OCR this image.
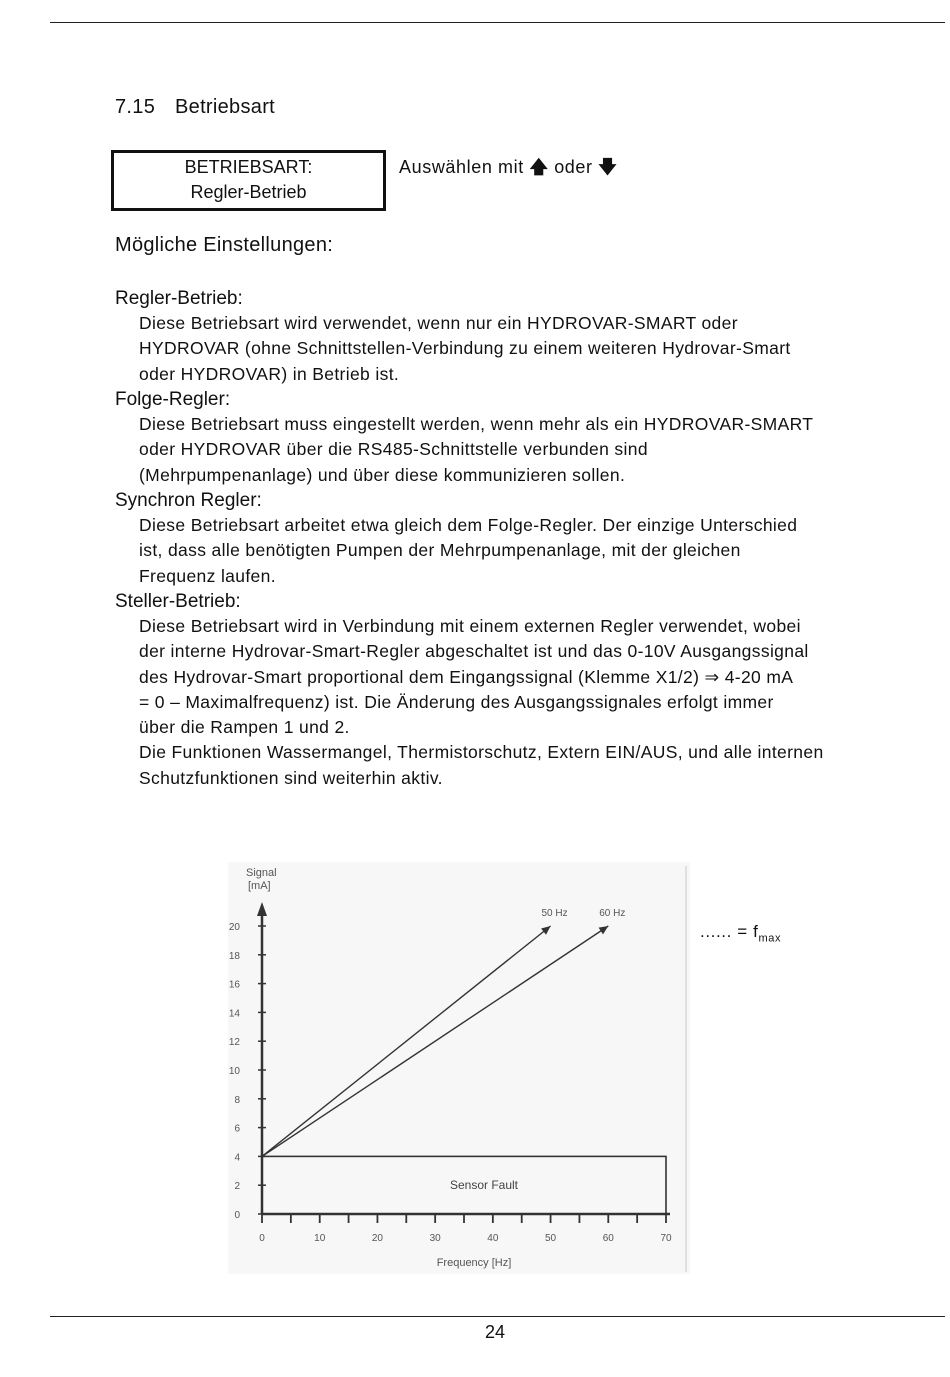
7.15 Betriebsart
BETRIEBSART:
Regler-Betrieb
Auswählen mit 🡅 oder 🡇
Mögliche Einstellungen:
Regler-Betrieb:

Diese Betriebsart wird verwendet, wenn nur ein HYDROVAR-SMART oder
HYDROVAR (ohne Schnittstellen-Verbindung zu einem weiteren Hydrovar-Smart
oder HYDROVAR) in Betrieb ist.

Folge-Regler:

Diese Betriebsart muss eingestellt werden, wenn mehr als ein HYDROVAR-SMART
oder HYDROVAR über die RS485-Schnittstelle verbunden sind
(Mehrpumpenanlage) und über diese kommunizieren sollen.

Synchron Regler:

Diese Betriebsart arbeitet etwa gleich dem Folge-Regler. Der einzige Unterschied
ist, dass alle benötigten Pumpen der Mehrpumpenanlage, mit der gleichen
Frequenz laufen.

Steller-Betrieb:

Diese Betriebsart wird in Verbindung mit einem externen Regler verwendet, wobei
der interne Hydrovar-Smart-Regler abgeschaltet ist und das 0-10V Ausgangssignal
des Hydrovar-Smart proportional dem Eingangssignal (Klemme X1/2) ⇒ 4-20 mA
= 0 – Maximalfrequenz) ist. Die Änderung des Ausgangssignales erfolgt immer
über die Rampen 1 und 2.
Die Funktionen Wassermangel, Thermistorschutz, Extern EIN/AUS, und alle internen
Schutzfunktionen sind weiterhin aktiv.

0
2
4
6
8
10
12
14
16
18
20
0	10	20	30	40	50	60	70
Signal
[mA]
Frequency [Hz]
Sensor Fault
50 Hz	60 Hz
...... = $f_{max}$
24
